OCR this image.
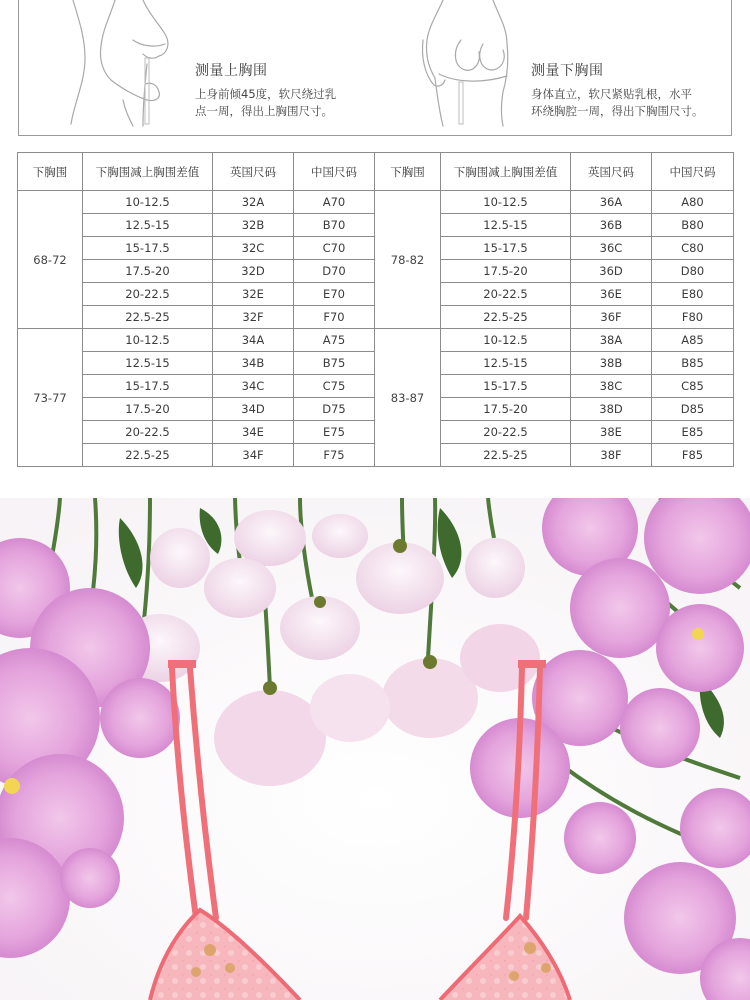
测量上胸围
上身前倾45度，软尺绕过乳
点一周，得出上胸围尺寸。
测量下胸围
身体直立，软尺紧贴乳根，水平
环绕胸腔一周，得出下胸围尺寸。
下胸围	下胸围减上胸围差值	英国尺码	中国尺码	下胸围	下胸围减上胸围差值	英国尺码	中国尺码
68-72	10-12.5	32A	A70	78-82	10-12.5	36A	A80
	12.5-15	32B	B70		12.5-15	36B	B80
	15-17.5	32C	C70		15-17.5	36C	C80
	17.5-20	32D	D70		17.5-20	36D	D80
	20-22.5	32E	E70		20-22.5	36E	E80
	22.5-25	32F	F70		22.5-25	36F	F80
73-77	10-12.5	34A	A75	83-87	10-12.5	38A	A85
	12.5-15	34B	B75		12.5-15	38B	B85
	15-17.5	34C	C75		15-17.5	38C	C85
	17.5-20	34D	D75		17.5-20	38D	D85
	20-22.5	34E	E75		20-22.5	38E	E85
	22.5-25	34F	F75		22.5-25	38F	F85
